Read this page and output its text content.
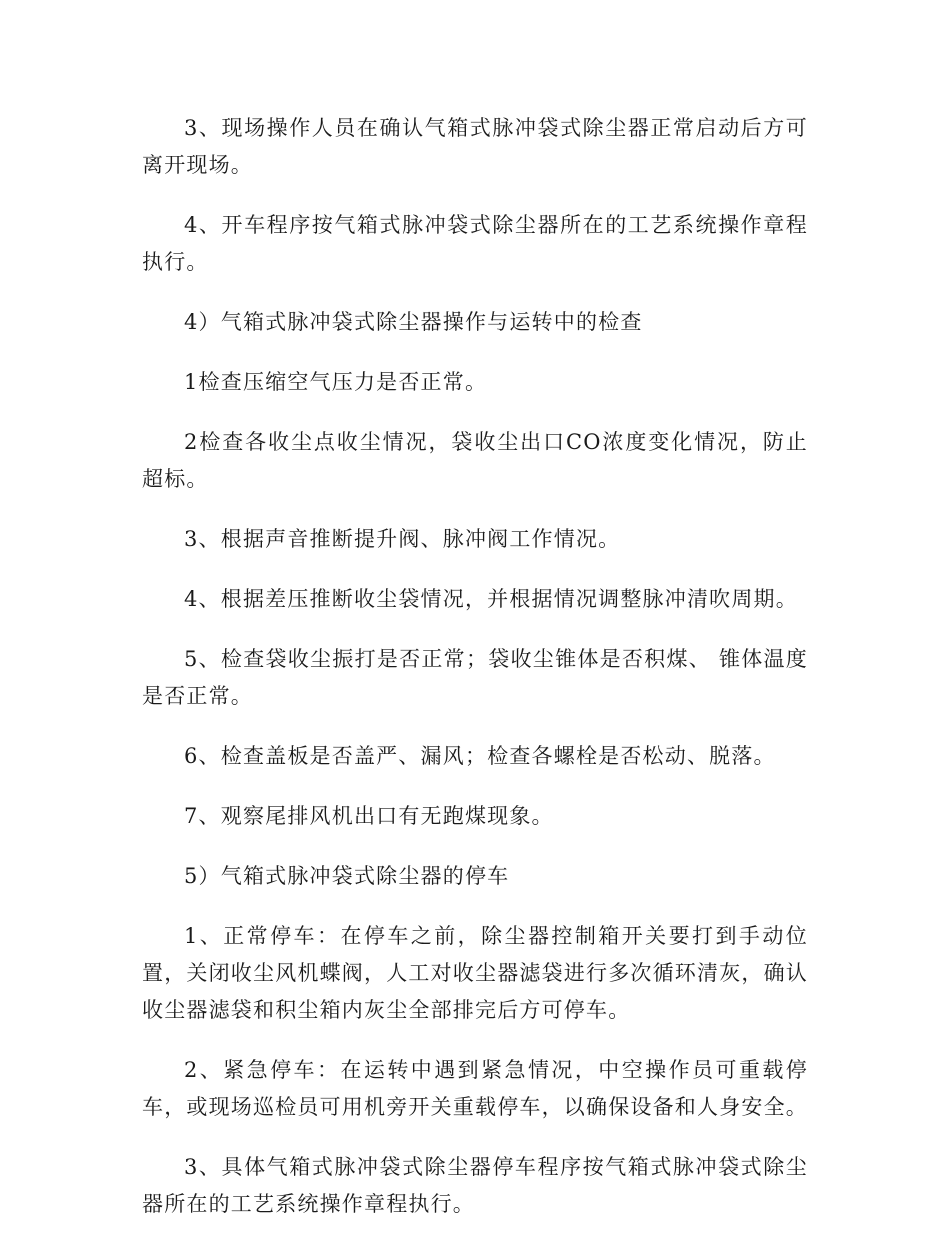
3、现场操作人员在确认气箱式脉冲袋式除尘器正常启动后方可离开现场。

4、开车程序按气箱式脉冲袋式除尘器所在的工艺系统操作章程执行。

4）气箱式脉冲袋式除尘器操作与运转中的检查

1检查压缩空气压力是否正常。

2检查各收尘点收尘情况，袋收尘出口CO浓度变化情况，防止超标。

3、根据声音推断提升阀、脉冲阀工作情况。

4、根据差压推断收尘袋情况，并根据情况调整脉冲清吹周期。

5、检查袋收尘振打是否正常；袋收尘锥体是否积煤、 锥体温度是否正常。

6、检查盖板是否盖严、漏风；检查各螺栓是否松动、脱落。

7、观察尾排风机出口有无跑煤现象。

5）气箱式脉冲袋式除尘器的停车

1、正常停车：在停车之前，除尘器控制箱开关要打到手动位置，关闭收尘风机蝶阀，人工对收尘器滤袋进行多次循环清灰，确认收尘器滤袋和积尘箱内灰尘全部排完后方可停车。

2、紧急停车：在运转中遇到紧急情况，中空操作员可重载停车，或现场巡检员可用机旁开关重载停车，以确保设备和人身安全。

3、具体气箱式脉冲袋式除尘器停车程序按气箱式脉冲袋式除尘器所在的工艺系统操作章程执行。
